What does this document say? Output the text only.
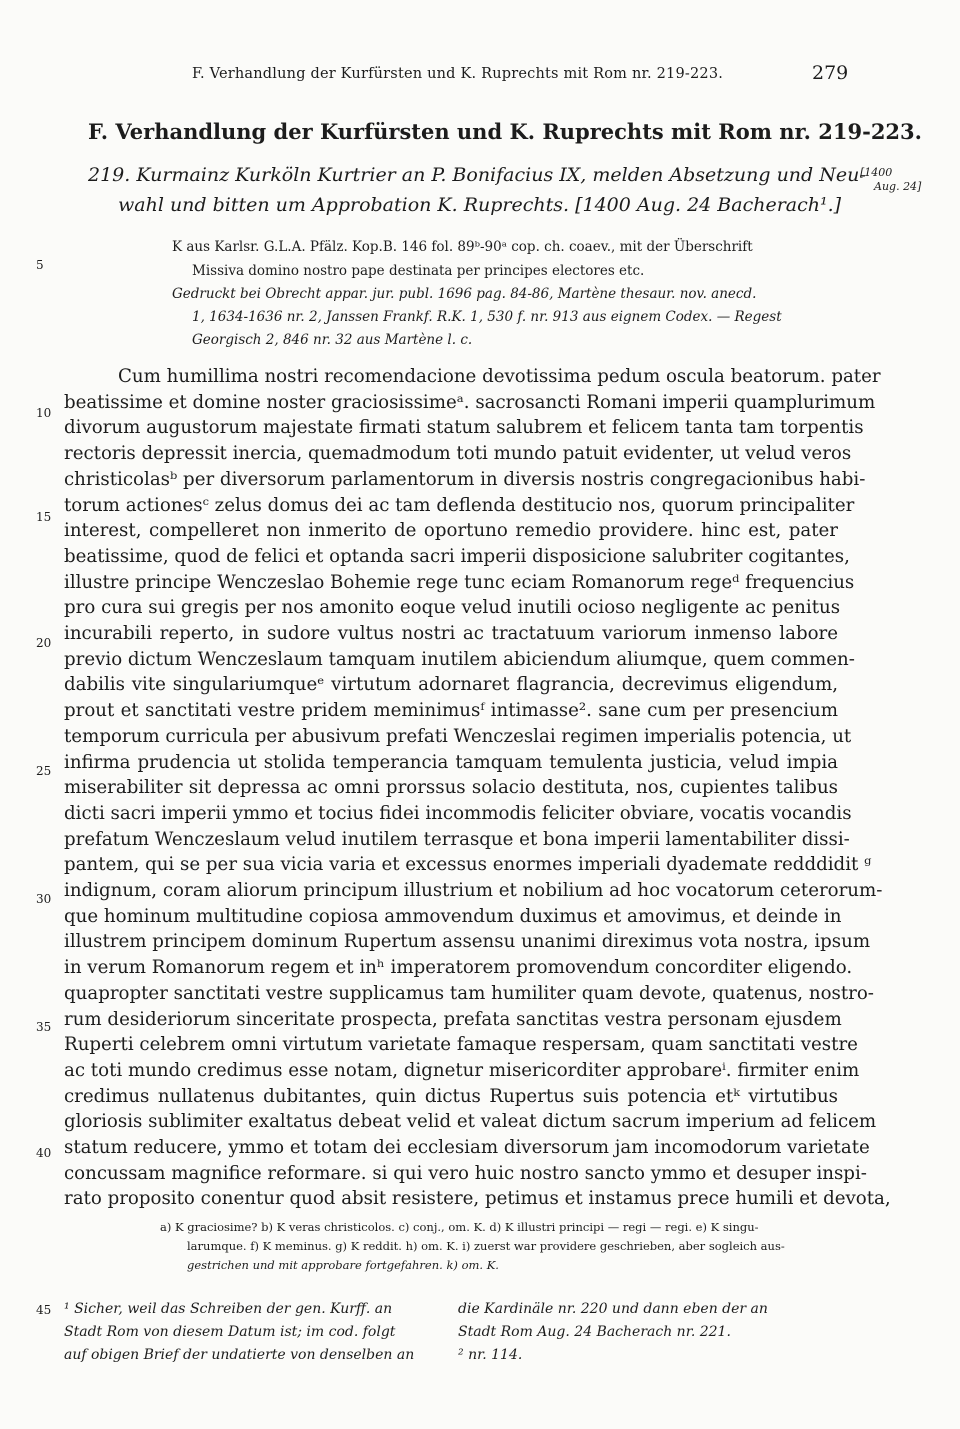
F. Verhandlung der Kurfürsten und K. Ruprechts mit Rom nr. 219-223.	279
F. Verhandlung der Kurfürsten und K. Ruprechts mit Rom nr. 219-223.
219. Kurmainz Kurköln Kurtrier an P. Bonifacius IX, melden Absetzung und Neu-
wahl und bitten um Approbation K. Ruprechts. [1400 Aug. 24 Bacherach¹.]
[1400
Aug. 24]
K aus Karlsr. G.L.A. Pfälz. Kop.B. 146 fol. 89ᵇ-90ᵃ cop. ch. coaev., mit der Überschrift
Missiva domino nostro pape destinata per principes electores etc.
Gedruckt bei Obrecht appar. jur. publ. 1696 pag. 84-86, Martène thesaur. nov. anecd.
1, 1634-1636 nr. 2, Janssen Frankf. R.K. 1, 530 f. nr. 913 aus eignem Codex. — Regest
Georgisch 2, 846 nr. 32 aus Martène l. c.
Cum humillima nostri recomendacione devotissima pedum oscula beatorum. pater
beatissime et domine noster graciosissimeᵃ. sacrosancti Romani imperii quamplurimum
divorum augustorum majestate firmati statum salubrem et felicem tanta tam torpentis
rectoris depressit inercia, quemadmodum toti mundo patuit evidenter, ut velud veros
christicolasᵇ per diversorum parlamentorum in diversis nostris congregacionibus habi-
torum actionesᶜ zelus domus dei ac tam deflenda destitucio nos, quorum principaliter
interest, compelleret non inmerito de oportuno remedio providere. hinc est, pater
beatissime, quod de felici et optanda sacri imperii disposicione salubriter cogitantes,
illustre principe Wenczeslao Bohemie rege tunc eciam Romanorum regeᵈ frequencius
pro cura sui gregis per nos amonito eoque velud inutili ocioso negligente ac penitus
incurabili reperto, in sudore vultus nostri ac tractatuum variorum inmenso labore
previo dictum Wenczeslaum tamquam inutilem abiciendum aliumque, quem commen-
dabilis vite singulariumqueᵉ virtutum adornaret flagrancia, decrevimus eligendum,
prout et sanctitati vestre pridem meminimusᶠ intimasse². sane cum per presencium
temporum curricula per abusivum prefati Wenczeslai regimen imperialis potencia, ut
infirma prudencia ut stolida temperancia tamquam temulenta justicia, velud impia
miserabiliter sit depressa ac omni prorssus solacio destituta, nos, cupientes talibus
dicti sacri imperii ymmo et tocius fidei incommodis feliciter obviare, vocatis vocandis
prefatum Wenczeslaum velud inutilem terrasque et bona imperii lamentabiliter dissi-
pantem, qui se per sua vicia varia et excessus enormes imperiali dyademate redddidit ᵍ
indignum, coram aliorum principum illustrium et nobilium ad hoc vocatorum ceterorum-
que hominum multitudine copiosa ammovendum duximus et amovimus, et deinde in
illustrem principem dominum Rupertum assensu unanimi direximus vota nostra, ipsum
in verum Romanorum regem et inʰ imperatorem promovendum concorditer eligendo.
quapropter sanctitati vestre supplicamus tam humiliter quam devote, quatenus, nostro-
rum desideriorum sinceritate prospecta, prefata sanctitas vestra personam ejusdem
Ruperti celebrem omni virtutum varietate famaque respersam, quam sanctitati vestre
ac toti mundo credimus esse notam, dignetur misericorditer approbareⁱ. firmiter enim
credimus nullatenus dubitantes, quin dictus Rupertus suis potencia etᵏ virtutibus
gloriosis sublimiter exaltatus debeat velid et valeat dictum sacrum imperium ad felicem
statum reducere, ymmo et totam dei ecclesiam diversorum jam incomodorum varietate
concussam magnifice reformare. si qui vero huic nostro sancto ymmo et desuper inspi-
rato proposito conentur quod absit resistere, petimus et instamus prece humili et devota,
5
10
15
20
25
30
35
40
45
a) K graciosime? b) K veras christicolos. c) conj., om. K. d) K illustri principi — regi — regi. e) K singu-
larumque. f) K meminus. g) K reddit. h) om. K. i) zuerst war providere geschrieben, aber sogleich aus-
gestrichen und mit approbare fortgefahren. k) om. K.
¹ Sicher, weil das Schreiben der gen. Kurff. an
Stadt Rom von diesem Datum ist; im cod. folgt
auf obigen Brief der undatierte von denselben an
die Kardinäle nr. 220 und dann eben der an
Stadt Rom Aug. 24 Bacherach nr. 221.
² nr. 114.
